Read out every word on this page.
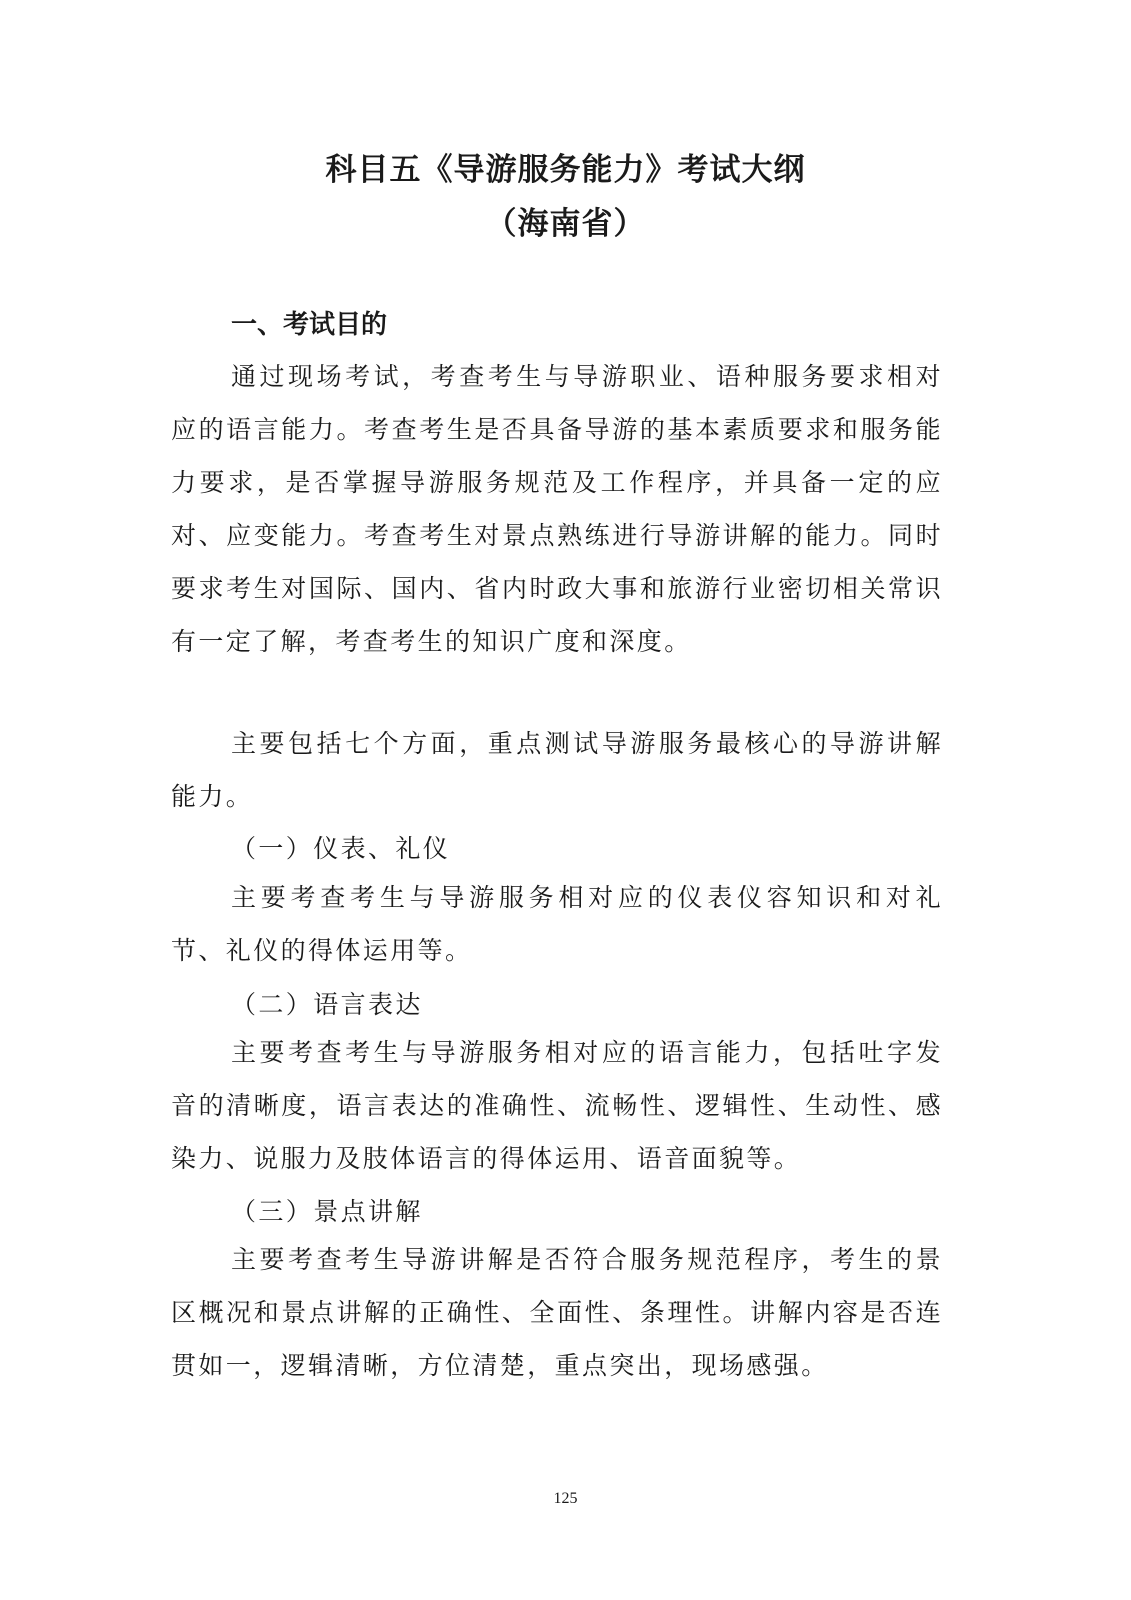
科目五《导游服务能力》考试大纲
（海南省）
一、考试目的
通过现场考试，考查考生与导游职业、语种服务要求相对应的语言能力。考查考生是否具备导游的基本素质要求和服务能力要求，是否掌握导游服务规范及工作程序，并具备一定的应对、应变能力。考查考生对景点熟练进行导游讲解的能力。同时要求考生对国际、国内、省内时政大事和旅游行业密切相关常识有一定了解，考查考生的知识广度和深度。
主要包括七个方面，重点测试导游服务最核心的导游讲解能力。
（一）仪表、礼仪
主要考查考生与导游服务相对应的仪表仪容知识和对礼节、礼仪的得体运用等。
（二）语言表达
主要考查考生与导游服务相对应的语言能力，包括吐字发音的清晰度，语言表达的准确性、流畅性、逻辑性、生动性、感染力、说服力及肢体语言的得体运用、语音面貌等。
（三）景点讲解
主要考查考生导游讲解是否符合服务规范程序，考生的景区概况和景点讲解的正确性、全面性、条理性。讲解内容是否连贯如一，逻辑清晰，方位清楚，重点突出，现场感强。
125
